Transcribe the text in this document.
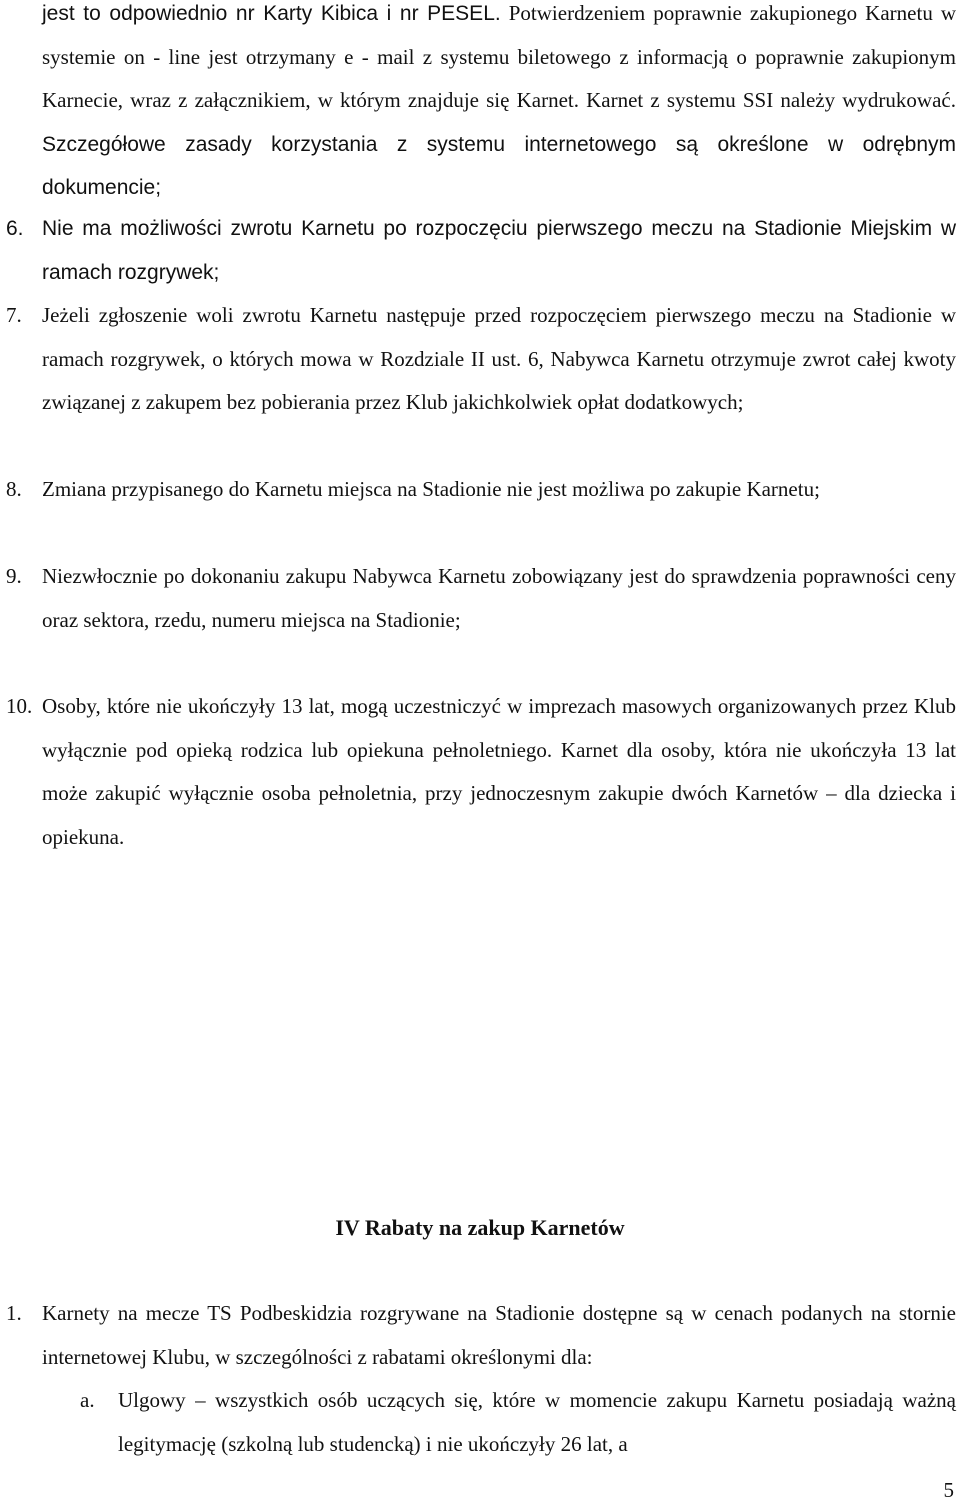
jest to odpowiednio nr Karty Kibica i nr PESEL. Potwierdzeniem poprawnie zakupionego Karnetu w systemie on - line jest otrzymany e - mail z systemu biletowego z informacją o poprawnie zakupionym Karnecie, wraz z załącznikiem, w którym znajduje się Karnet. Karnet z systemu SSI należy wydrukować. Szczegółowe zasady korzystania z systemu internetowego są określone w odrębnym dokumencie;
6. Nie ma możliwości zwrotu Karnetu po rozpoczęciu pierwszego meczu na Stadionie Miejskim w ramach rozgrywek;
7. Jeżeli zgłoszenie woli zwrotu Karnetu następuje przed rozpoczęciem pierwszego meczu na Stadionie w ramach rozgrywek, o których mowa w Rozdziale II ust. 6, Nabywca Karnetu otrzymuje zwrot całej kwoty związanej z zakupem bez pobierania przez Klub jakichkolwiek opłat dodatkowych;
8. Zmiana przypisanego do Karnetu miejsca na Stadionie nie jest możliwa po zakupie Karnetu;
9. Niezwłocznie po dokonaniu zakupu Nabywca Karnetu zobowiązany jest do sprawdzenia poprawności ceny oraz sektora, rzedu, numeru miejsca na Stadionie;
10. Osoby, które nie ukończyły 13 lat, mogą uczestniczyć w imprezach masowych organizowanych przez Klub wyłącznie pod opieką rodzica lub opiekuna pełnoletniego. Karnet dla osoby, która nie ukończyła 13 lat może zakupić wyłącznie osoba pełnoletnia, przy jednoczesnym zakupie dwóch Karnetów – dla dziecka i opiekuna.
IV Rabaty na zakup Karnetów
1. Karnety na mecze TS Podbeskidzia rozgrywane na Stadionie dostępne są w cenach podanych na stornie internetowej Klubu, w szczególności z rabatami określonymi dla:
a. Ulgowy – wszystkich osób uczących się, które w momencie zakupu Karnetu posiadają ważną legitymację (szkolną lub studencką) i nie ukończyły 26 lat, a
5
